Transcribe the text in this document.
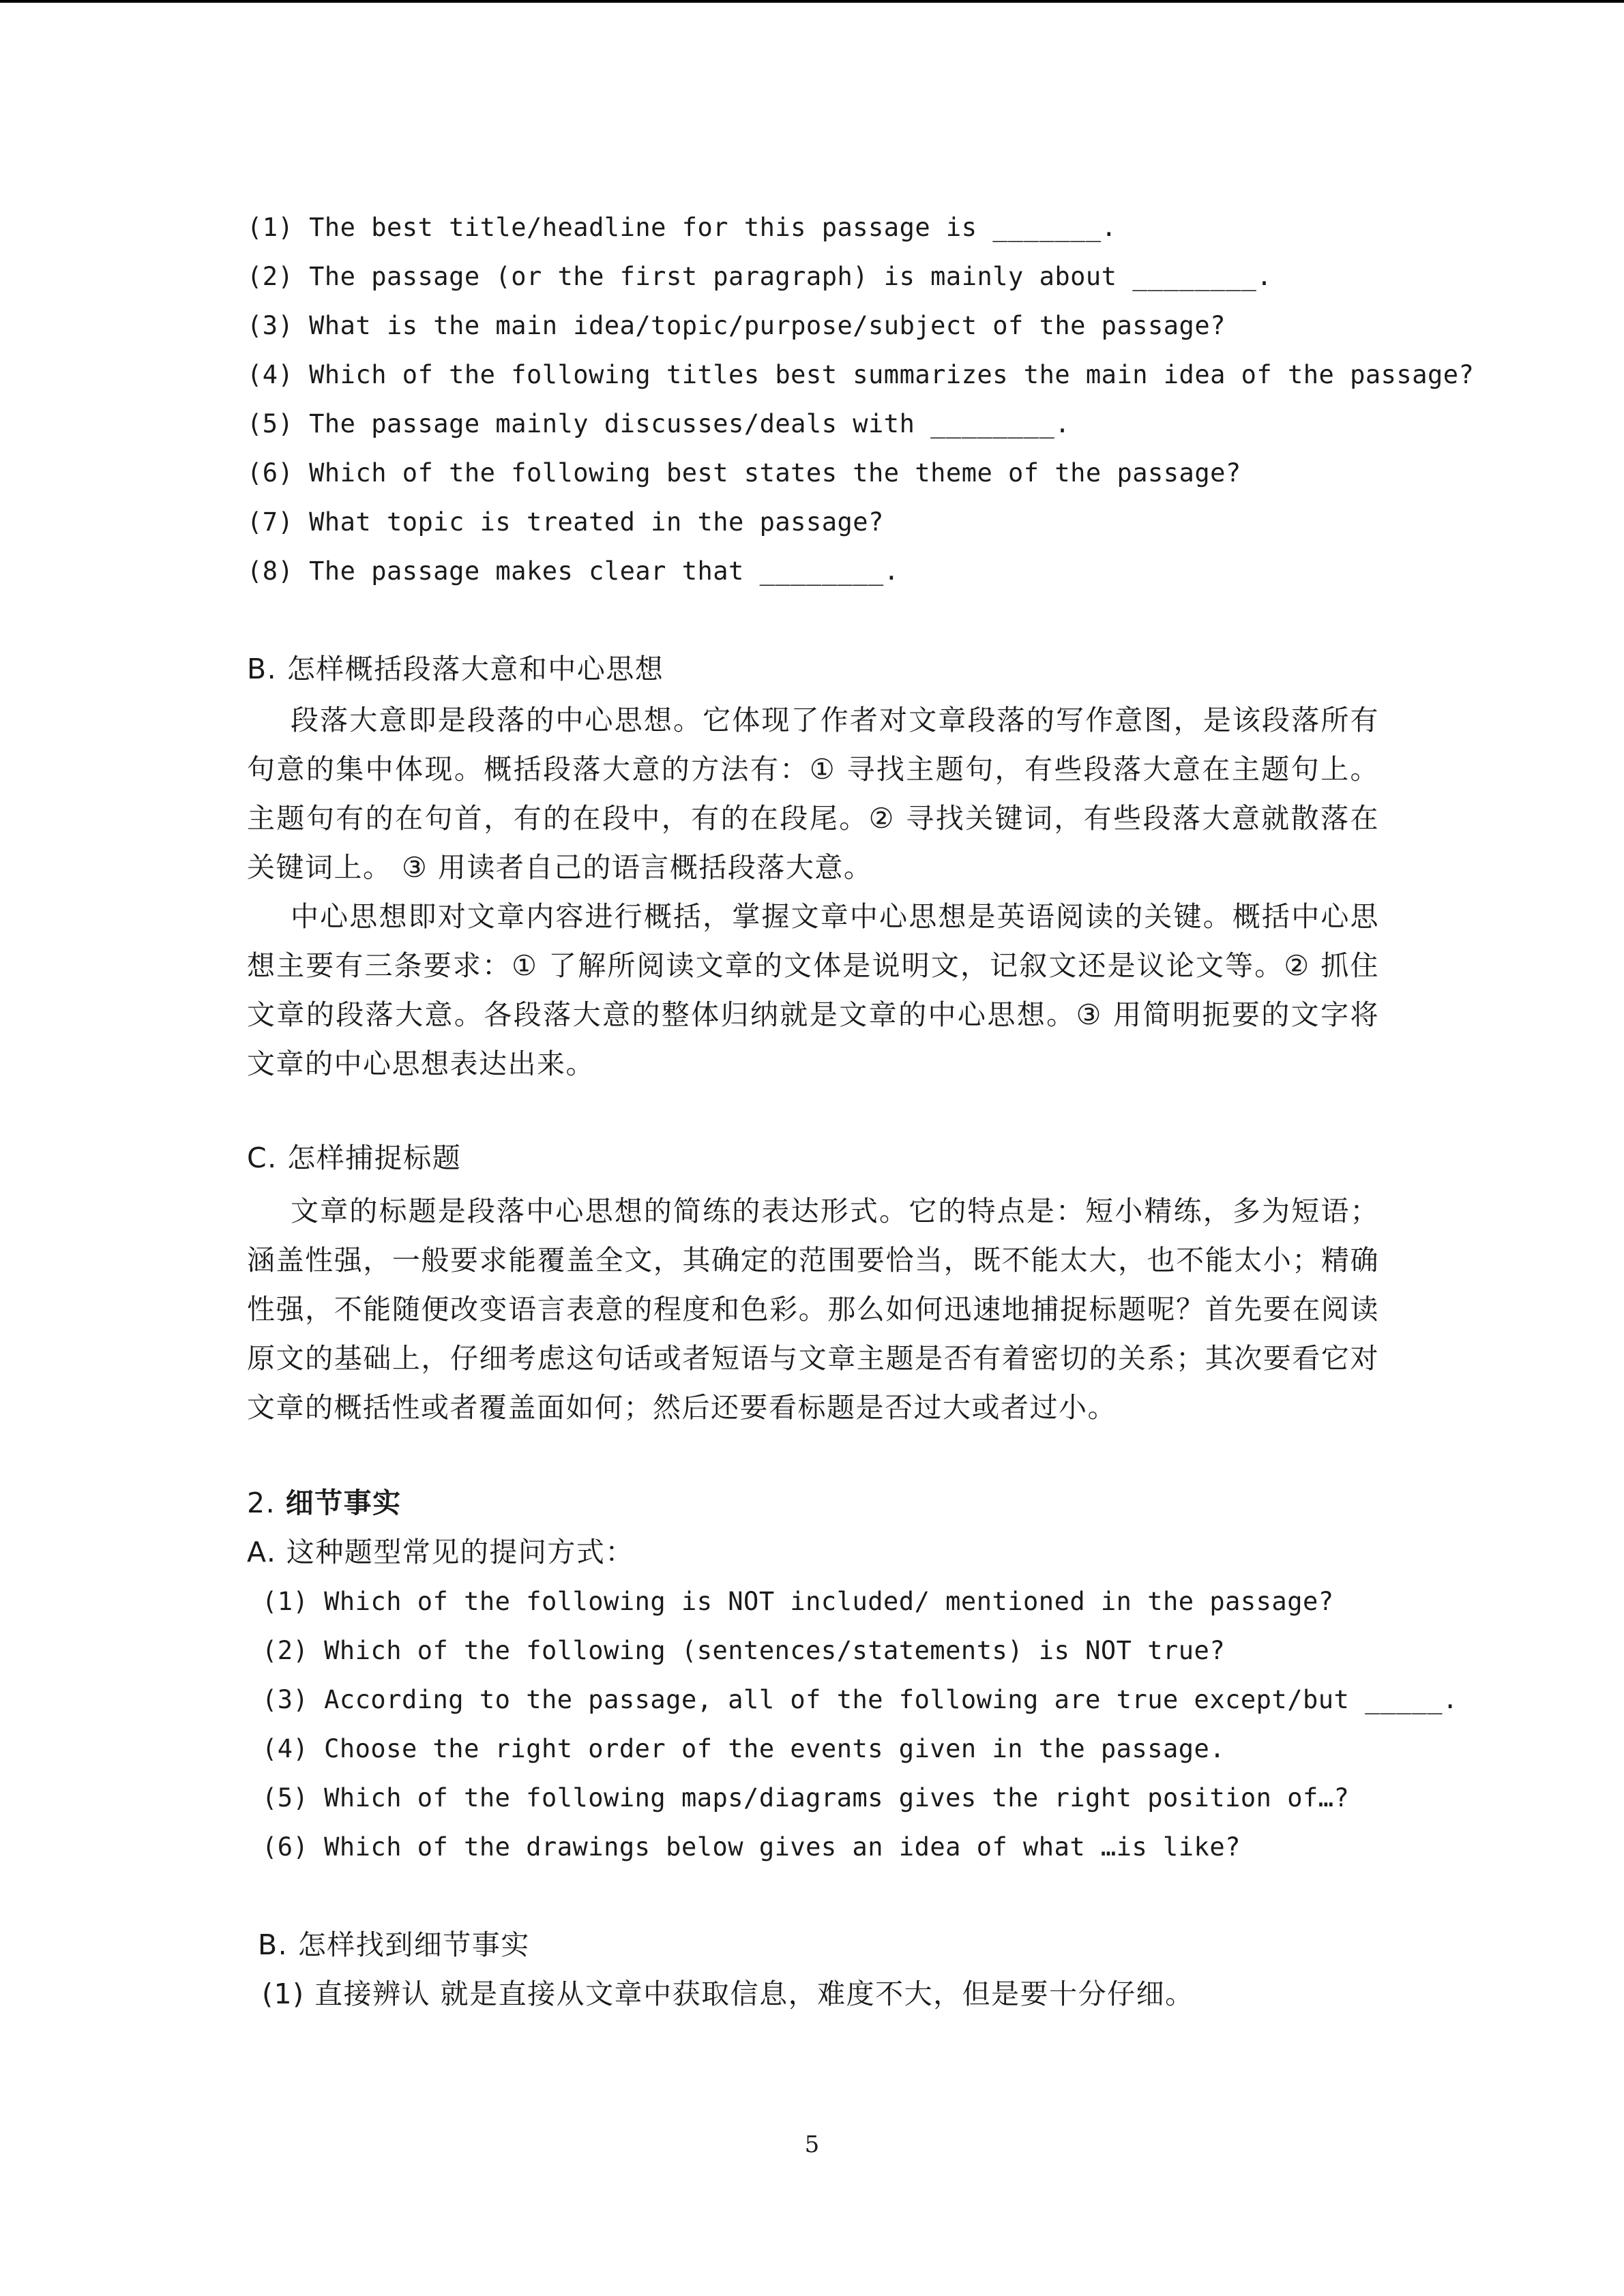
(1) The best title/headline for this passage is _______.
(2) The passage (or the first paragraph) is mainly about ________.
(3) What is the main idea/topic/purpose/subject of the passage?
(4) Which of the following titles best summarizes the main idea of the passage?
(5) The passage mainly discusses/deals with ________.
(6) Which of the following best states the theme of the passage?
(7) What topic is treated in the passage?
(8) The passage makes clear that ________.
B. 怎样概括段落大意和中心思想
段落大意即是段落的中心思想。它体现了作者对文章段落的写作意图，是该段落所有句意的集中体现。概括段落大意的方法有：① 寻找主题句，有些段落大意在主题句上。主题句有的在句首，有的在段中，有的在段尾。② 寻找关键词，有些段落大意就散落在关键词上。 ③ 用读者自己的语言概括段落大意。
中心思想即对文章内容进行概括，掌握文章中心思想是英语阅读的关键。概括中心思想主要有三条要求：① 了解所阅读文章的文体是说明文，记叙文还是议论文等。② 抓住文章的段落大意。各段落大意的整体归纳就是文章的中心思想。③ 用简明扼要的文字将文章的中心思想表达出来。
C. 怎样捕捉标题
文章的标题是段落中心思想的简练的表达形式。它的特点是：短小精练，多为短语；涵盖性强，一般要求能覆盖全文，其确定的范围要恰当，既不能太大，也不能太小；精确性强，不能随便改变语言表意的程度和色彩。那么如何迅速地捕捉标题呢？首先要在阅读原文的基础上，仔细考虑这句话或者短语与文章主题是否有着密切的关系；其次要看它对文章的概括性或者覆盖面如何；然后还要看标题是否过大或者过小。
2. 细节事实
A. 这种题型常见的提问方式：
(1) Which of the following is NOT included/ mentioned in the passage?
(2) Which of the following (sentences/statements) is NOT true?
(3) According to the passage, all of the following are true except/but _____.
(4) Choose the right order of the events given in the passage.
(5) Which of the following maps/diagrams gives the right position of…?
(6) Which of the drawings below gives an idea of what …is like?
B. 怎样找到细节事实
(1) 直接辨认 就是直接从文章中获取信息，难度不大，但是要十分仔细。
5
